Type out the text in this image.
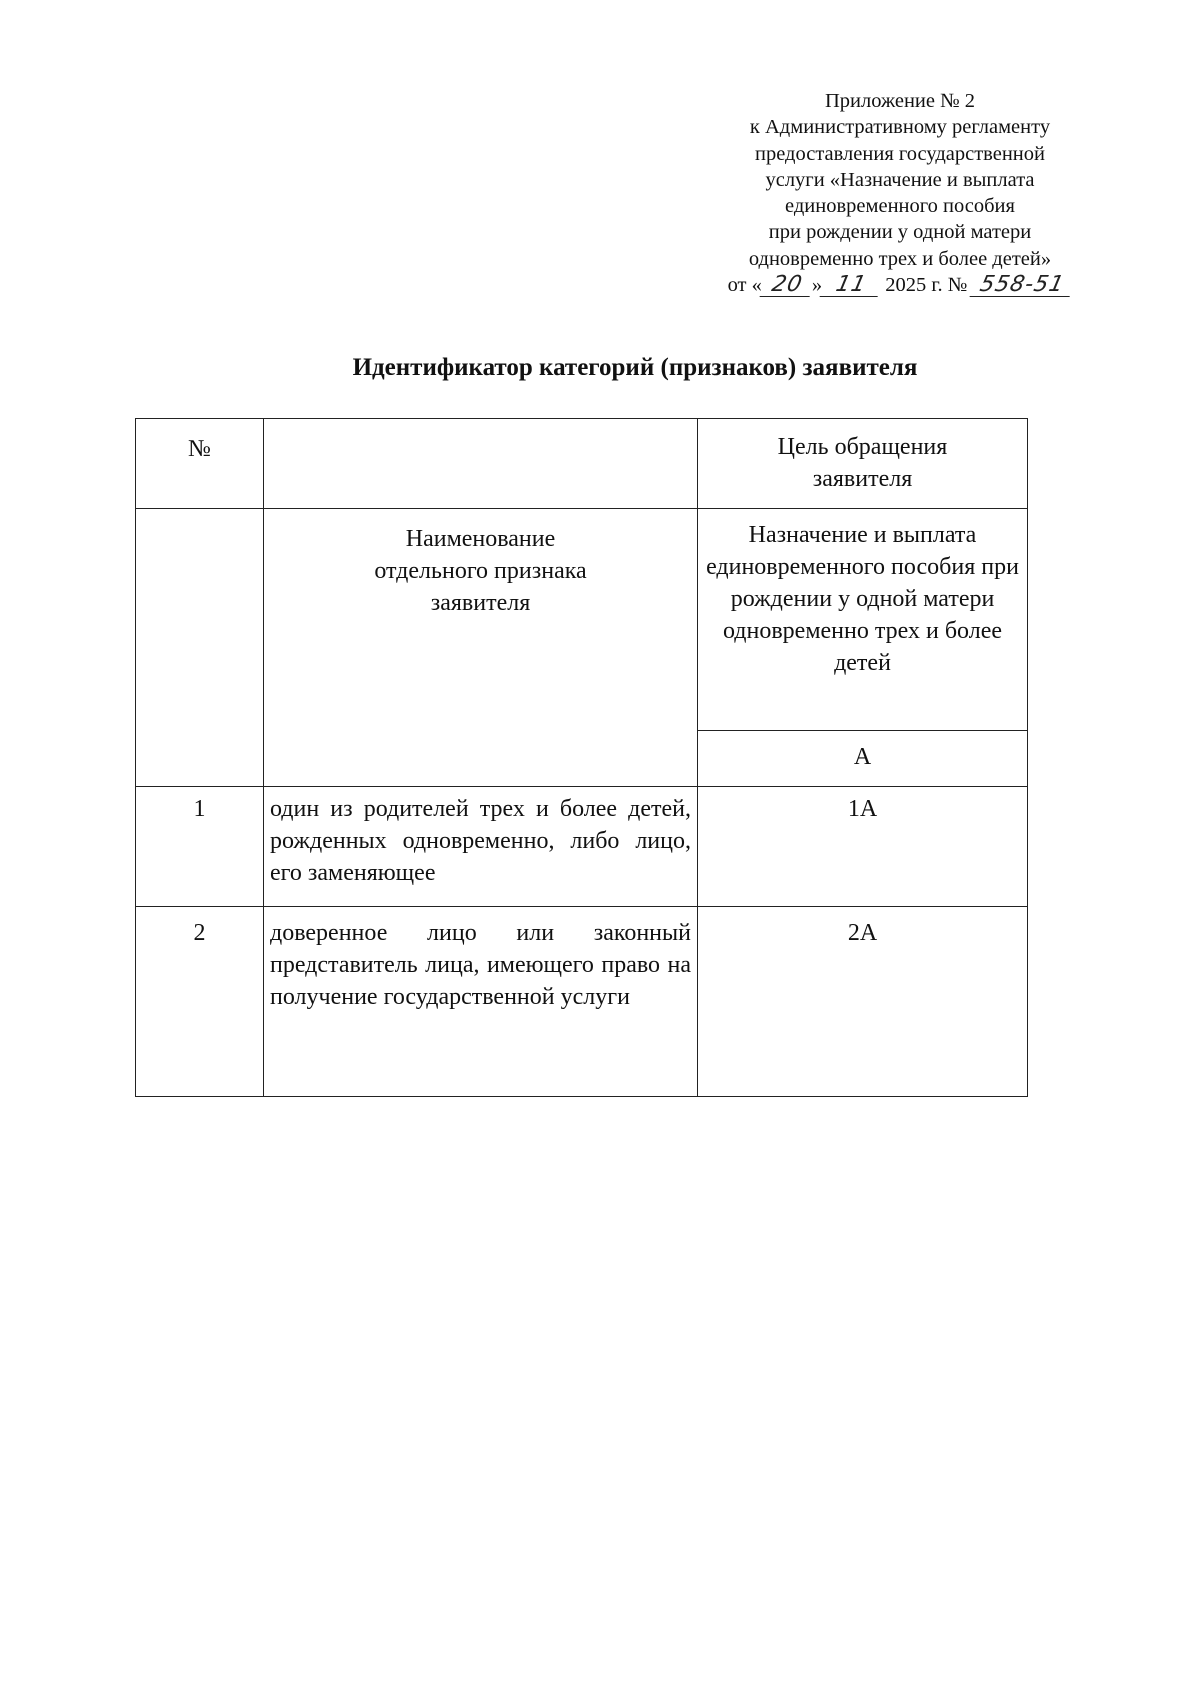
Приложение № 2
к Административному регламенту
предоставления государственной
услуги «Назначение и выплата
единовременного пособия
при рождении у одной матери
одновременно трех и более детей»
от « 20 » 11 2025 г. № 558-51
Идентификатор категорий (признаков) заявителя
№		Цель обращения заявителя
	Наименование отдельного признака заявителя	Назначение и выплата единовременного пособия при рождении у одной матери одновременно трех и более детей
		А
1	один из родителей трех и более детей, рожденных одновременно, либо лицо, его заменяющее	1А
2	доверенное лицо или законный представитель лица, имеющего право на получение государственной услуги	2А
